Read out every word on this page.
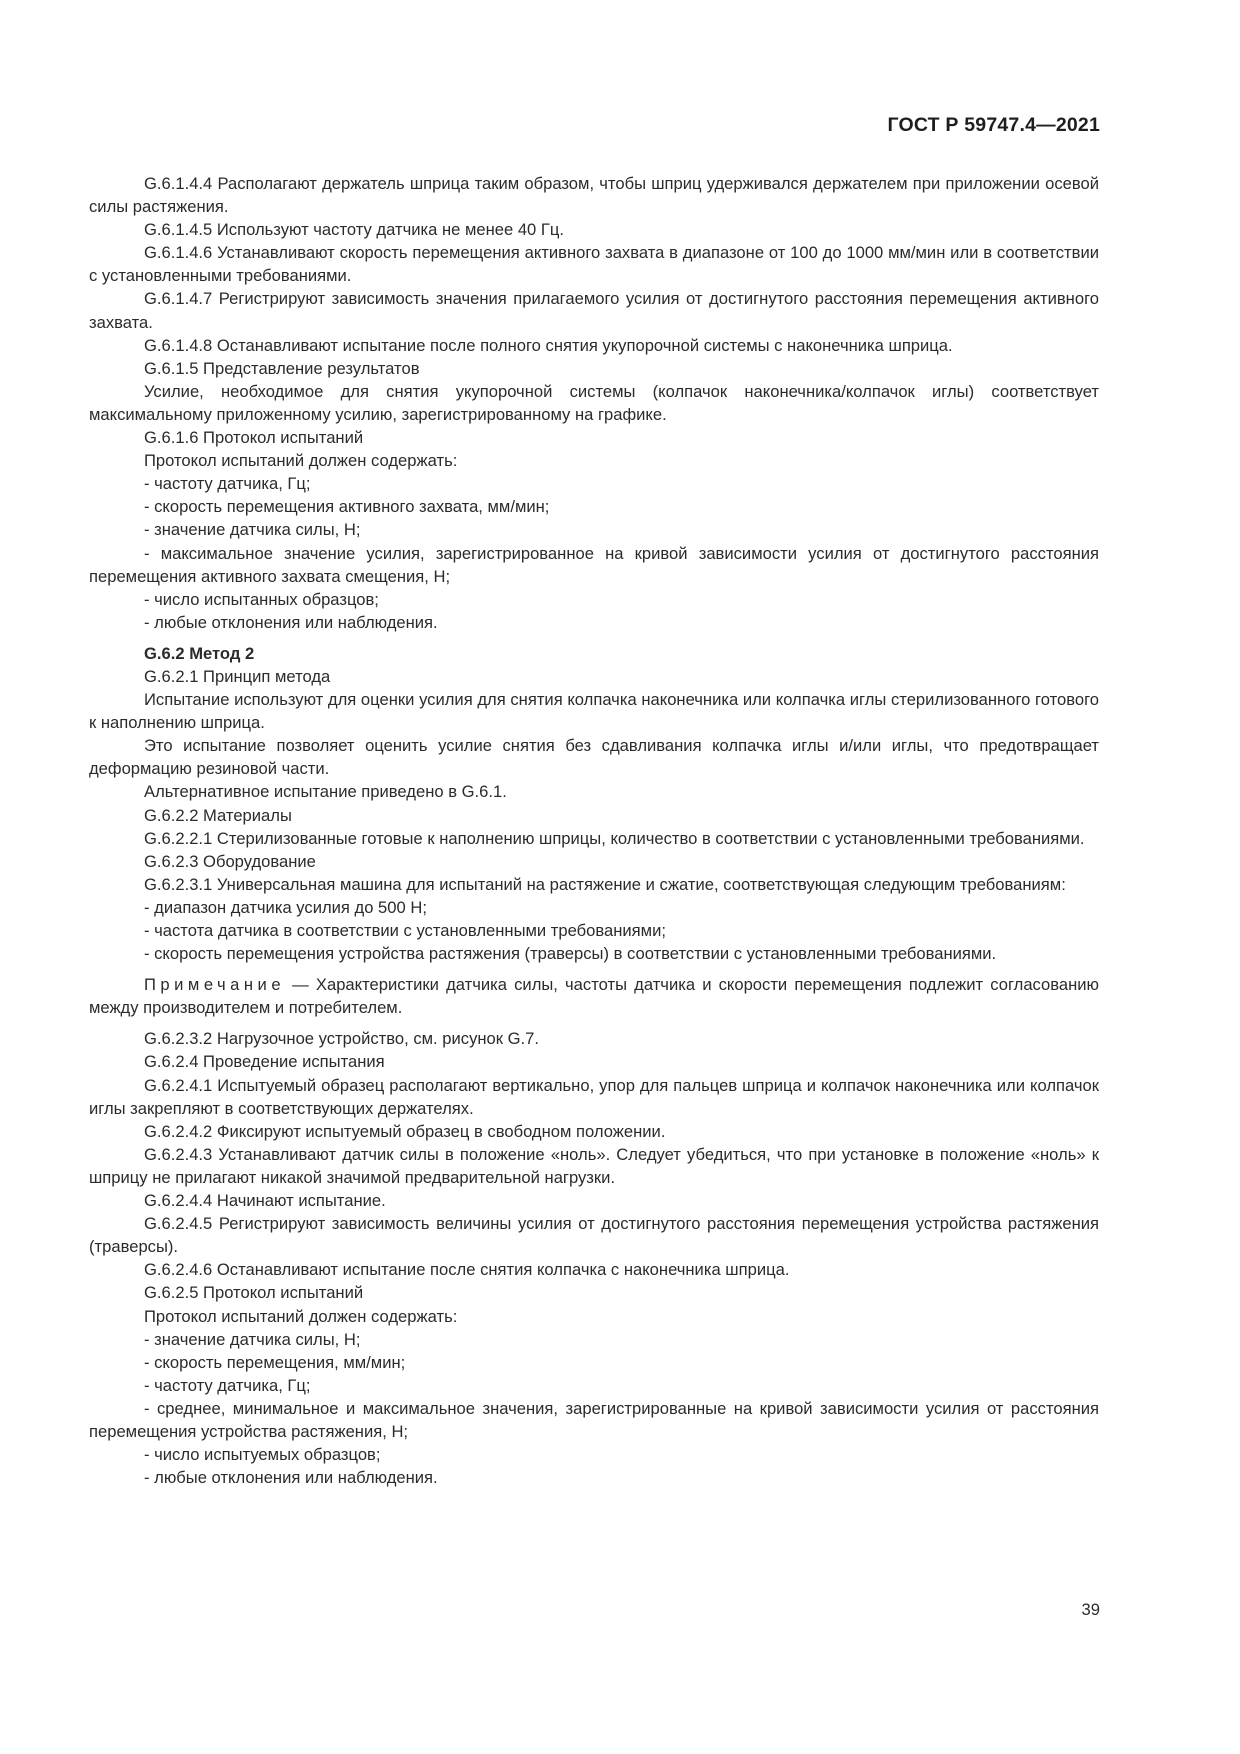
ГОСТ Р 59747.4—2021

G.6.1.4.4 Располагают держатель шприца таким образом, чтобы шприц удерживался держателем при приложении осевой силы растяжения.

G.6.1.4.5 Используют частоту датчика не менее 40 Гц.

G.6.1.4.6 Устанавливают скорость перемещения активного захвата в диапазоне от 100 до 1000 мм/мин или в соответствии с установленными требованиями.

G.6.1.4.7 Регистрируют зависимость значения прилагаемого усилия от достигнутого расстояния перемещения активного захвата.

G.6.1.4.8 Останавливают испытание после полного снятия укупорочной системы с наконечника шприца.

G.6.1.5 Представление результатов

Усилие, необходимое для снятия укупорочной системы (колпачок наконечника/колпачок иглы) соответствует максимальному приложенному усилию, зарегистрированному на графике.

G.6.1.6 Протокол испытаний

Протокол испытаний должен содержать:

- частоту датчика, Гц;

- скорость перемещения активного захвата, мм/мин;

- значение датчика силы, Н;

- максимальное значение усилия, зарегистрированное на кривой зависимости усилия от достигнутого расстояния перемещения активного захвата смещения, Н;

- число испытанных образцов;

- любые отклонения или наблюдения.

G.6.2 Метод 2

G.6.2.1 Принцип метода

Испытание используют для оценки усилия для снятия колпачка наконечника или колпачка иглы стерилизованного готового к наполнению шприца.

Это испытание позволяет оценить усилие снятия без сдавливания колпачка иглы и/или иглы, что предотвращает деформацию резиновой части.

Альтернативное испытание приведено в G.6.1.

G.6.2.2 Материалы

G.6.2.2.1 Стерилизованные готовые к наполнению шприцы, количество в соответствии с установленными требованиями.

G.6.2.3 Оборудование

G.6.2.3.1 Универсальная машина для испытаний на растяжение и сжатие, соответствующая следующим требованиям:

- диапазон датчика усилия до 500 Н;

- частота датчика в соответствии с установленными требованиями;

- скорость перемещения устройства растяжения (траверсы) в соответствии с установленными требованиями.

Примечание — Характеристики датчика силы, частоты датчика и скорости перемещения подлежит согласованию между производителем и потребителем.

G.6.2.3.2 Нагрузочное устройство, см. рисунок G.7.

G.6.2.4 Проведение испытания

G.6.2.4.1 Испытуемый образец располагают вертикально, упор для пальцев шприца и колпачок наконечника или колпачок иглы закрепляют в соответствующих держателях.

G.6.2.4.2 Фиксируют испытуемый образец в свободном положении.

G.6.2.4.3 Устанавливают датчик силы в положение «ноль». Следует убедиться, что при установке в положение «ноль» к шприцу не прилагают никакой значимой предварительной нагрузки.

G.6.2.4.4 Начинают испытание.

G.6.2.4.5 Регистрируют зависимость величины усилия от достигнутого расстояния перемещения устройства растяжения (траверсы).

G.6.2.4.6 Останавливают испытание после снятия колпачка с наконечника шприца.

G.6.2.5 Протокол испытаний

Протокол испытаний должен содержать:

- значение датчика силы, Н;

- скорость перемещения, мм/мин;

- частоту датчика, Гц;

- среднее, минимальное и максимальное значения, зарегистрированные на кривой зависимости усилия от расстояния перемещения устройства растяжения, Н;

- число испытуемых образцов;

- любые отклонения или наблюдения.

39
